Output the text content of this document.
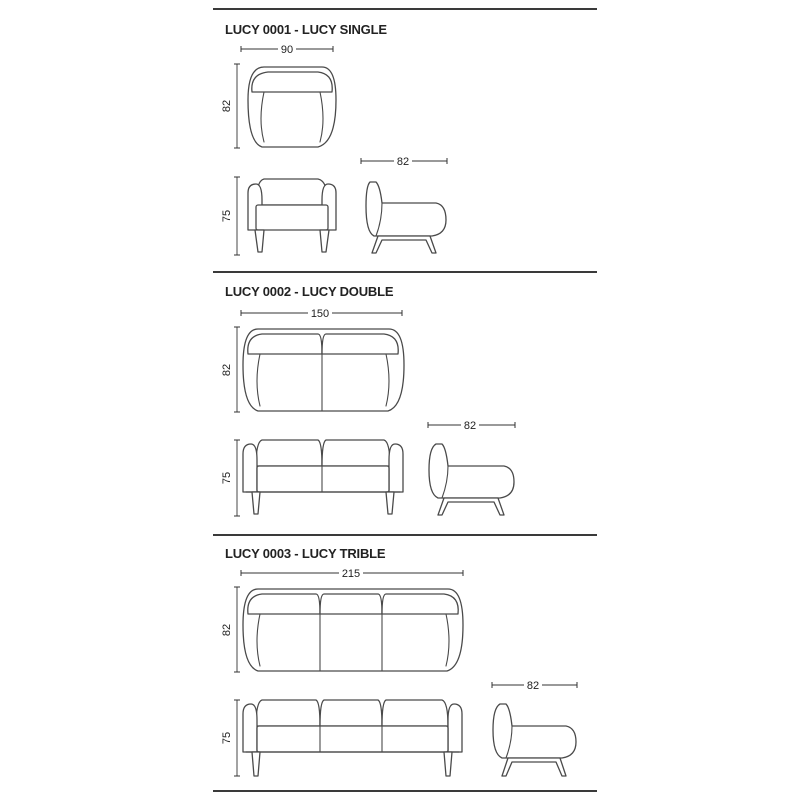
LUCY 0001 - LUCY SINGLE
90
82
75
82
LUCY 0002 - LUCY DOUBLE
150
82
75
82
LUCY 0003 - LUCY TRIBLE
215
82
75
82
